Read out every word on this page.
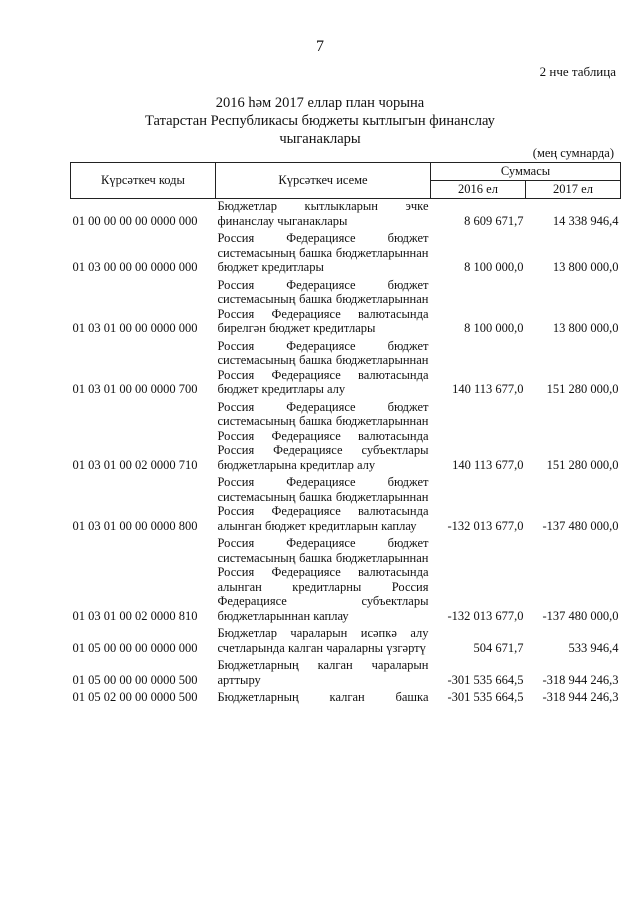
7
2 нче таблица
2016 һәм 2017 еллар план чорына
Татарстан Республикасы бюджеты кытлыгын финанслау
чыганаклары
(мең сумнарда)
Күрсәткеч коды	Күрсәткеч исеме	Суммасы	
		2016 ел	2017 ел
01 00 00 00 00 0000 000	Бюджетлар кытлыкларын эчке финанслау чыганаклары	8 609 671,7	14 338 946,4
01 03 00 00 00 0000 000	Россия Федерациясе бюджет системасының башка бюджетларыннан бюджет кредитлары	8 100 000,0	13 800 000,0
01 03 01 00 00 0000 000	Россия Федерациясе бюджет системасының башка бюджетларыннан Россия Федерациясе валютасында бирелгән бюджет кредитлары	8 100 000,0	13 800 000,0
01 03 01 00 00 0000 700	Россия Федерациясе бюджет системасының башка бюджетларыннан Россия Федерациясе валютасында бюджет кредитлары алу	140 113 677,0	151 280 000,0
01 03 01 00 02 0000 710	Россия Федерациясе бюджет системасының башка бюджетларыннан Россия Федерациясе валютасында Россия Федерациясе субъектлары бюджетларына кредитлар алу	140 113 677,0	151 280 000,0
01 03 01 00 00 0000 800	Россия Федерациясе бюджет системасының башка бюджетларыннан Россия Федерациясе валютасында алынган бюджет кредитларын каплау	-132 013 677,0	-137 480 000,0
01 03 01 00 02 0000 810	Россия Федерациясе бюджет системасының башка бюджетларыннан Россия Федерациясе валютасында алынган кредитларны Россия Федерациясе субъектлары бюджетларыннан каплау	-132 013 677,0	-137 480 000,0
01 05 00 00 00 0000 000	Бюджетлар чараларын исәпкә алу счетларында калган чараларны үзгәртү	504 671,7	533 946,4
01 05 00 00 00 0000 500	Бюджетларның калган чараларын арттыру	-301 535 664,5	-318 944 246,3
01 05 02 00 00 0000 500	Бюджетларның калган башка	-301 535 664,5	-318 944 246,3
